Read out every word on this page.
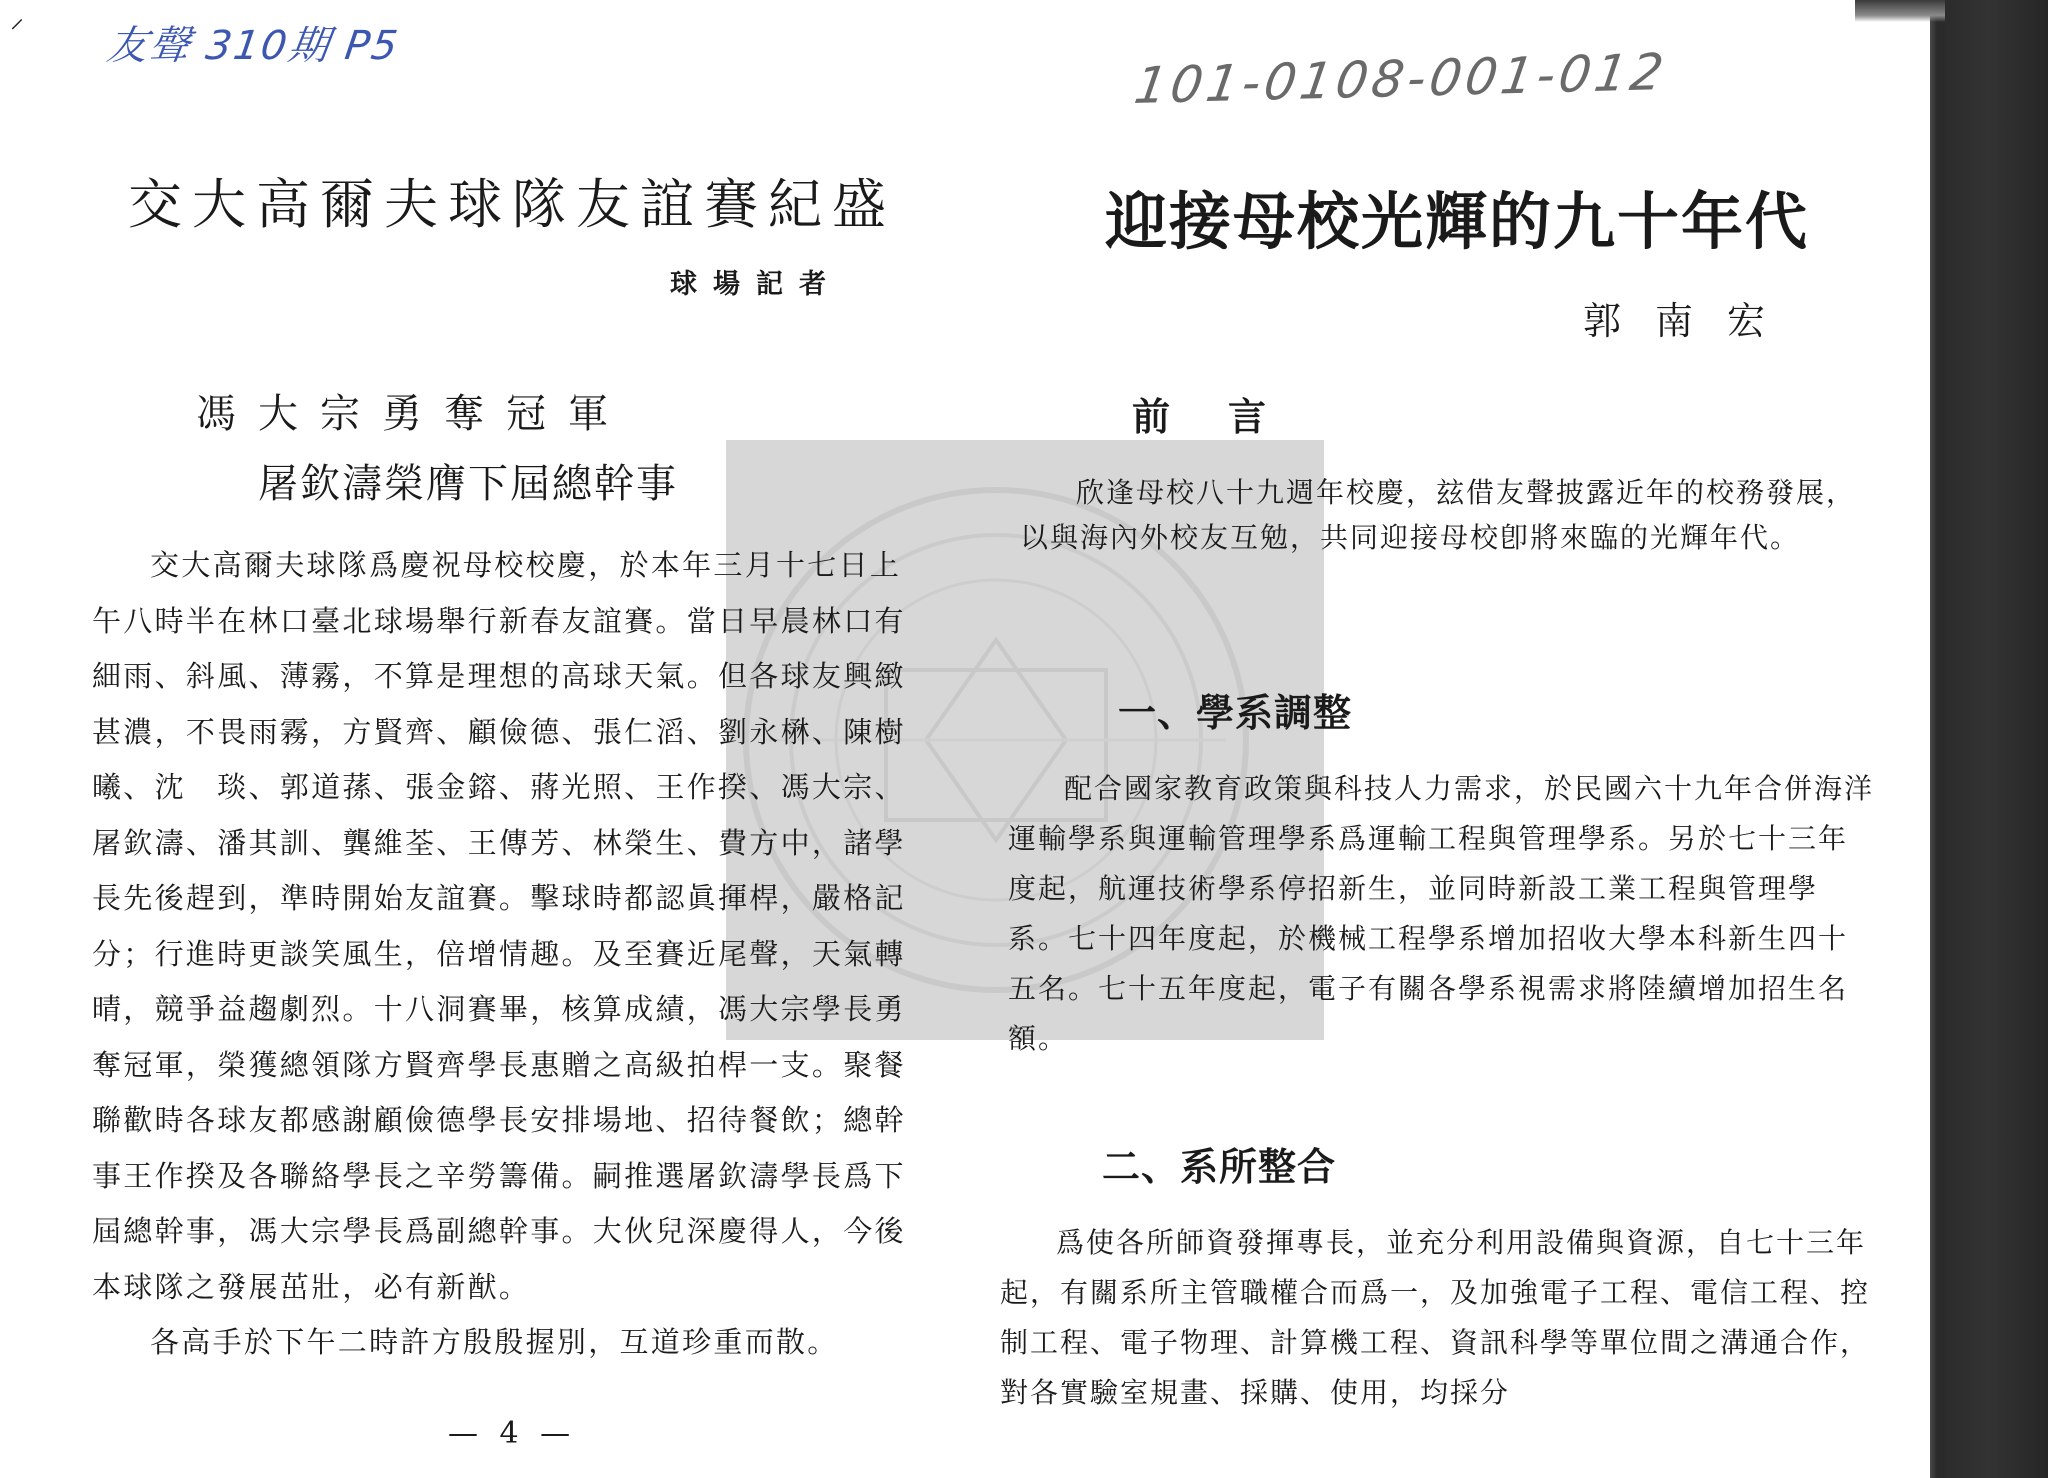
⸍ 友聲 310期 P5	101-0108-001-012
交大高爾夫球隊友誼賽紀盛
球場記者
馮大宗勇奪冠軍
屠欽濤榮膺下屆總幹事

交大高爾夫球隊爲慶祝母校校慶，於本年三月十七日上午八時半在林口臺北球場舉行新春友誼賽。當日早晨林口有細雨、斜風、薄霧，不算是理想的高球天氣。但各球友興緻甚濃，不畏雨霧，方賢齊、顧儉德、張仁滔、劉永楙、陳樹曦、沈　琰、郭道蓀、張金鎔、蔣光照、王作揆、馮大宗、屠欽濤、潘其訓、龔維荃、王傳芳、林榮生、費方中，諸學長先後趕到，準時開始友誼賽。擊球時都認眞揮桿，嚴格記分；行進時更談笑風生，倍增情趣。及至賽近尾聲，天氣轉晴，競爭益趨劇烈。十八洞賽畢，核算成績，馮大宗學長勇奪冠軍，榮獲總領隊方賢齊學長惠贈之高級拍桿一支。聚餐聯歡時各球友都感謝顧儉德學長安排場地、招待餐飲；總幹事王作揆及各聯絡學長之辛勞籌備。嗣推選屠欽濤學長爲下屆總幹事，馮大宗學長爲副總幹事。大伙兒深慶得人，今後本球隊之發展茁壯，必有新猷。

各高手於下午二時許方殷殷握別，互道珍重而散。

— 4 —
迎接母校光輝的九十年代
郭南宏
前言

欣逢母校八十九週年校慶，玆借友聲披露近年的校務發展，以與海內外校友互勉，共同迎接母校卽將來臨的光輝年代。

一、學系調整

配合國家教育政策與科技人力需求，於民國六十九年合併海洋運輸學系與運輸管理學系爲運輸工程與管理學系。另於七十三年度起，航運技術學系停招新生，並同時新設工業工程與管理學系。七十四年度起，於機械工程學系增加招收大學本科新生四十五名。七十五年度起，電子有關各學系視需求將陸續增加招生名額。

二、系所整合

爲使各所師資發揮專長，並充分利用設備與資源，自七十三年起，有關系所主管職權合而爲一，及加強電子工程、電信工程、控制工程、電子物理、計算機工程、資訊科學等單位間之溝通合作，對各實驗室規畫、採購、使用，均採分
